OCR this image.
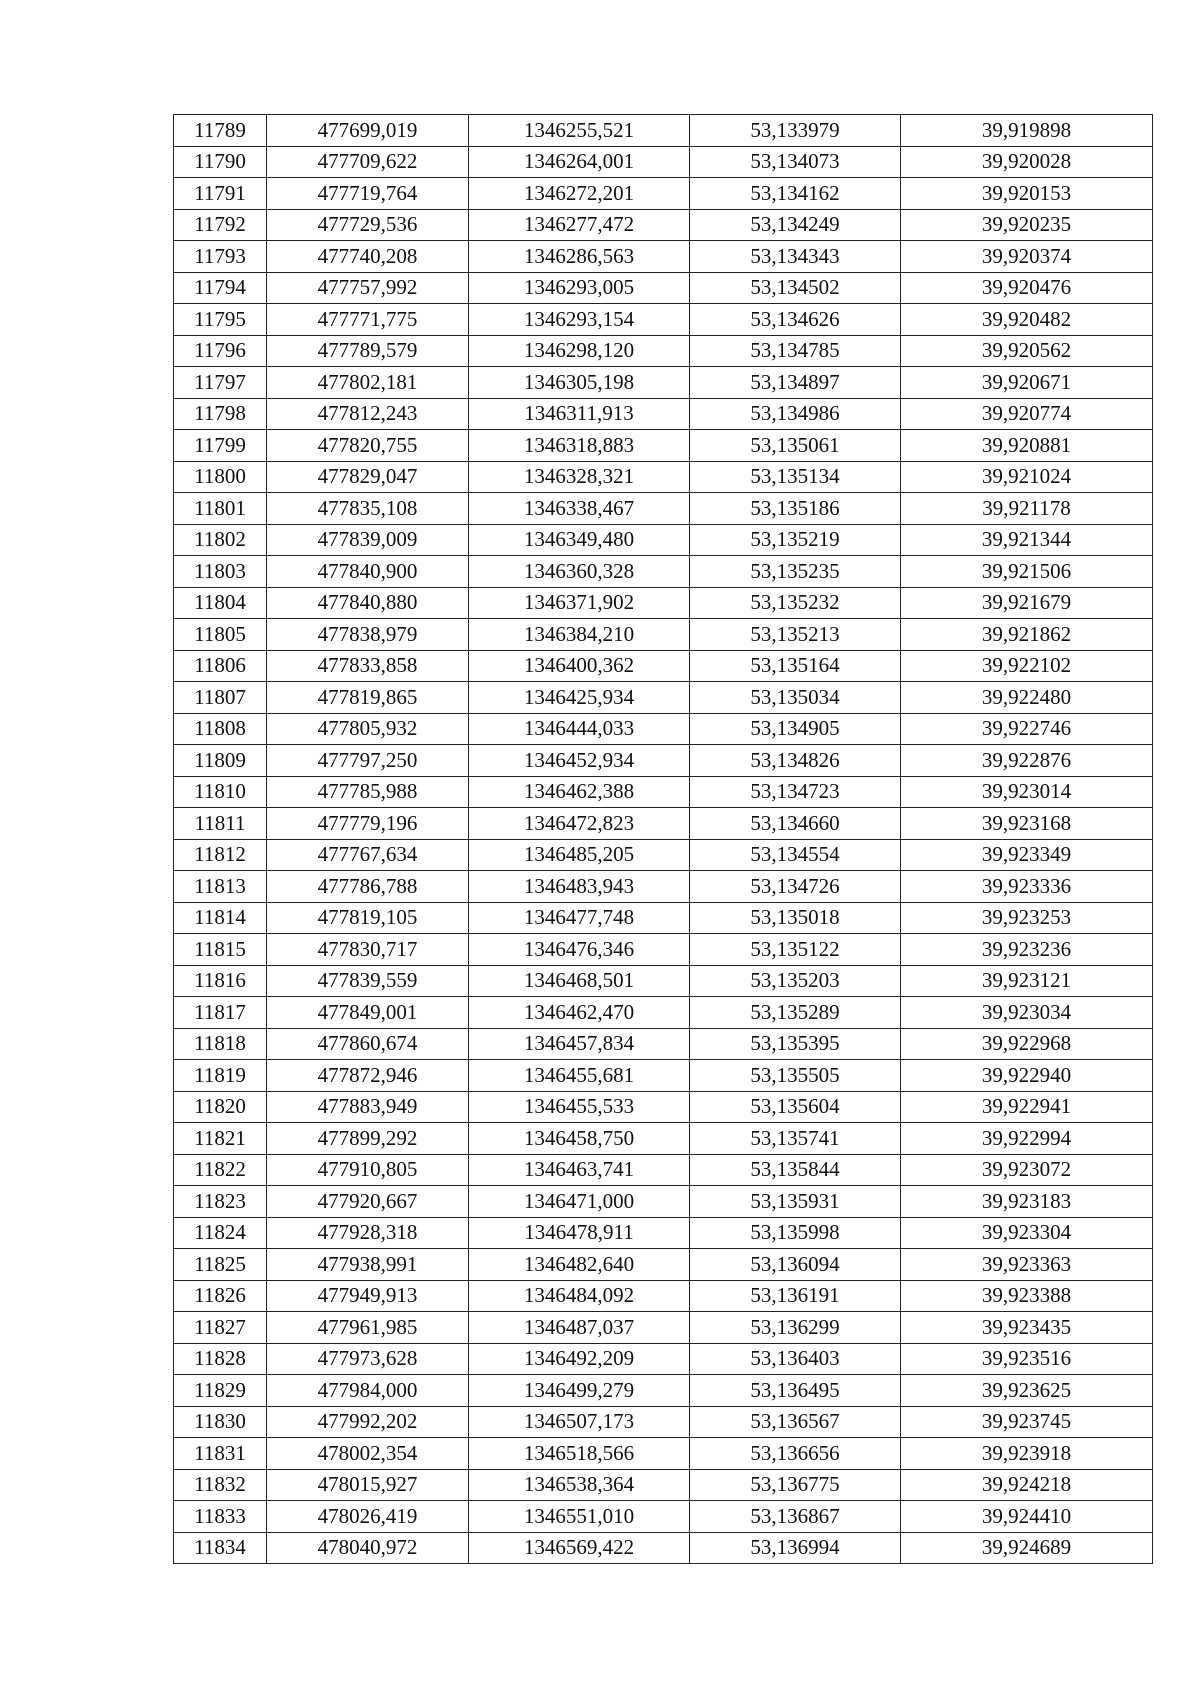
11789	477699,019	1346255,521	53,133979	39,919898
11790	477709,622	1346264,001	53,134073	39,920028
11791	477719,764	1346272,201	53,134162	39,920153
11792	477729,536	1346277,472	53,134249	39,920235
11793	477740,208	1346286,563	53,134343	39,920374
11794	477757,992	1346293,005	53,134502	39,920476
11795	477771,775	1346293,154	53,134626	39,920482
11796	477789,579	1346298,120	53,134785	39,920562
11797	477802,181	1346305,198	53,134897	39,920671
11798	477812,243	1346311,913	53,134986	39,920774
11799	477820,755	1346318,883	53,135061	39,920881
11800	477829,047	1346328,321	53,135134	39,921024
11801	477835,108	1346338,467	53,135186	39,921178
11802	477839,009	1346349,480	53,135219	39,921344
11803	477840,900	1346360,328	53,135235	39,921506
11804	477840,880	1346371,902	53,135232	39,921679
11805	477838,979	1346384,210	53,135213	39,921862
11806	477833,858	1346400,362	53,135164	39,922102
11807	477819,865	1346425,934	53,135034	39,922480
11808	477805,932	1346444,033	53,134905	39,922746
11809	477797,250	1346452,934	53,134826	39,922876
11810	477785,988	1346462,388	53,134723	39,923014
11811	477779,196	1346472,823	53,134660	39,923168
11812	477767,634	1346485,205	53,134554	39,923349
11813	477786,788	1346483,943	53,134726	39,923336
11814	477819,105	1346477,748	53,135018	39,923253
11815	477830,717	1346476,346	53,135122	39,923236
11816	477839,559	1346468,501	53,135203	39,923121
11817	477849,001	1346462,470	53,135289	39,923034
11818	477860,674	1346457,834	53,135395	39,922968
11819	477872,946	1346455,681	53,135505	39,922940
11820	477883,949	1346455,533	53,135604	39,922941
11821	477899,292	1346458,750	53,135741	39,922994
11822	477910,805	1346463,741	53,135844	39,923072
11823	477920,667	1346471,000	53,135931	39,923183
11824	477928,318	1346478,911	53,135998	39,923304
11825	477938,991	1346482,640	53,136094	39,923363
11826	477949,913	1346484,092	53,136191	39,923388
11827	477961,985	1346487,037	53,136299	39,923435
11828	477973,628	1346492,209	53,136403	39,923516
11829	477984,000	1346499,279	53,136495	39,923625
11830	477992,202	1346507,173	53,136567	39,923745
11831	478002,354	1346518,566	53,136656	39,923918
11832	478015,927	1346538,364	53,136775	39,924218
11833	478026,419	1346551,010	53,136867	39,924410
11834	478040,972	1346569,422	53,136994	39,924689
